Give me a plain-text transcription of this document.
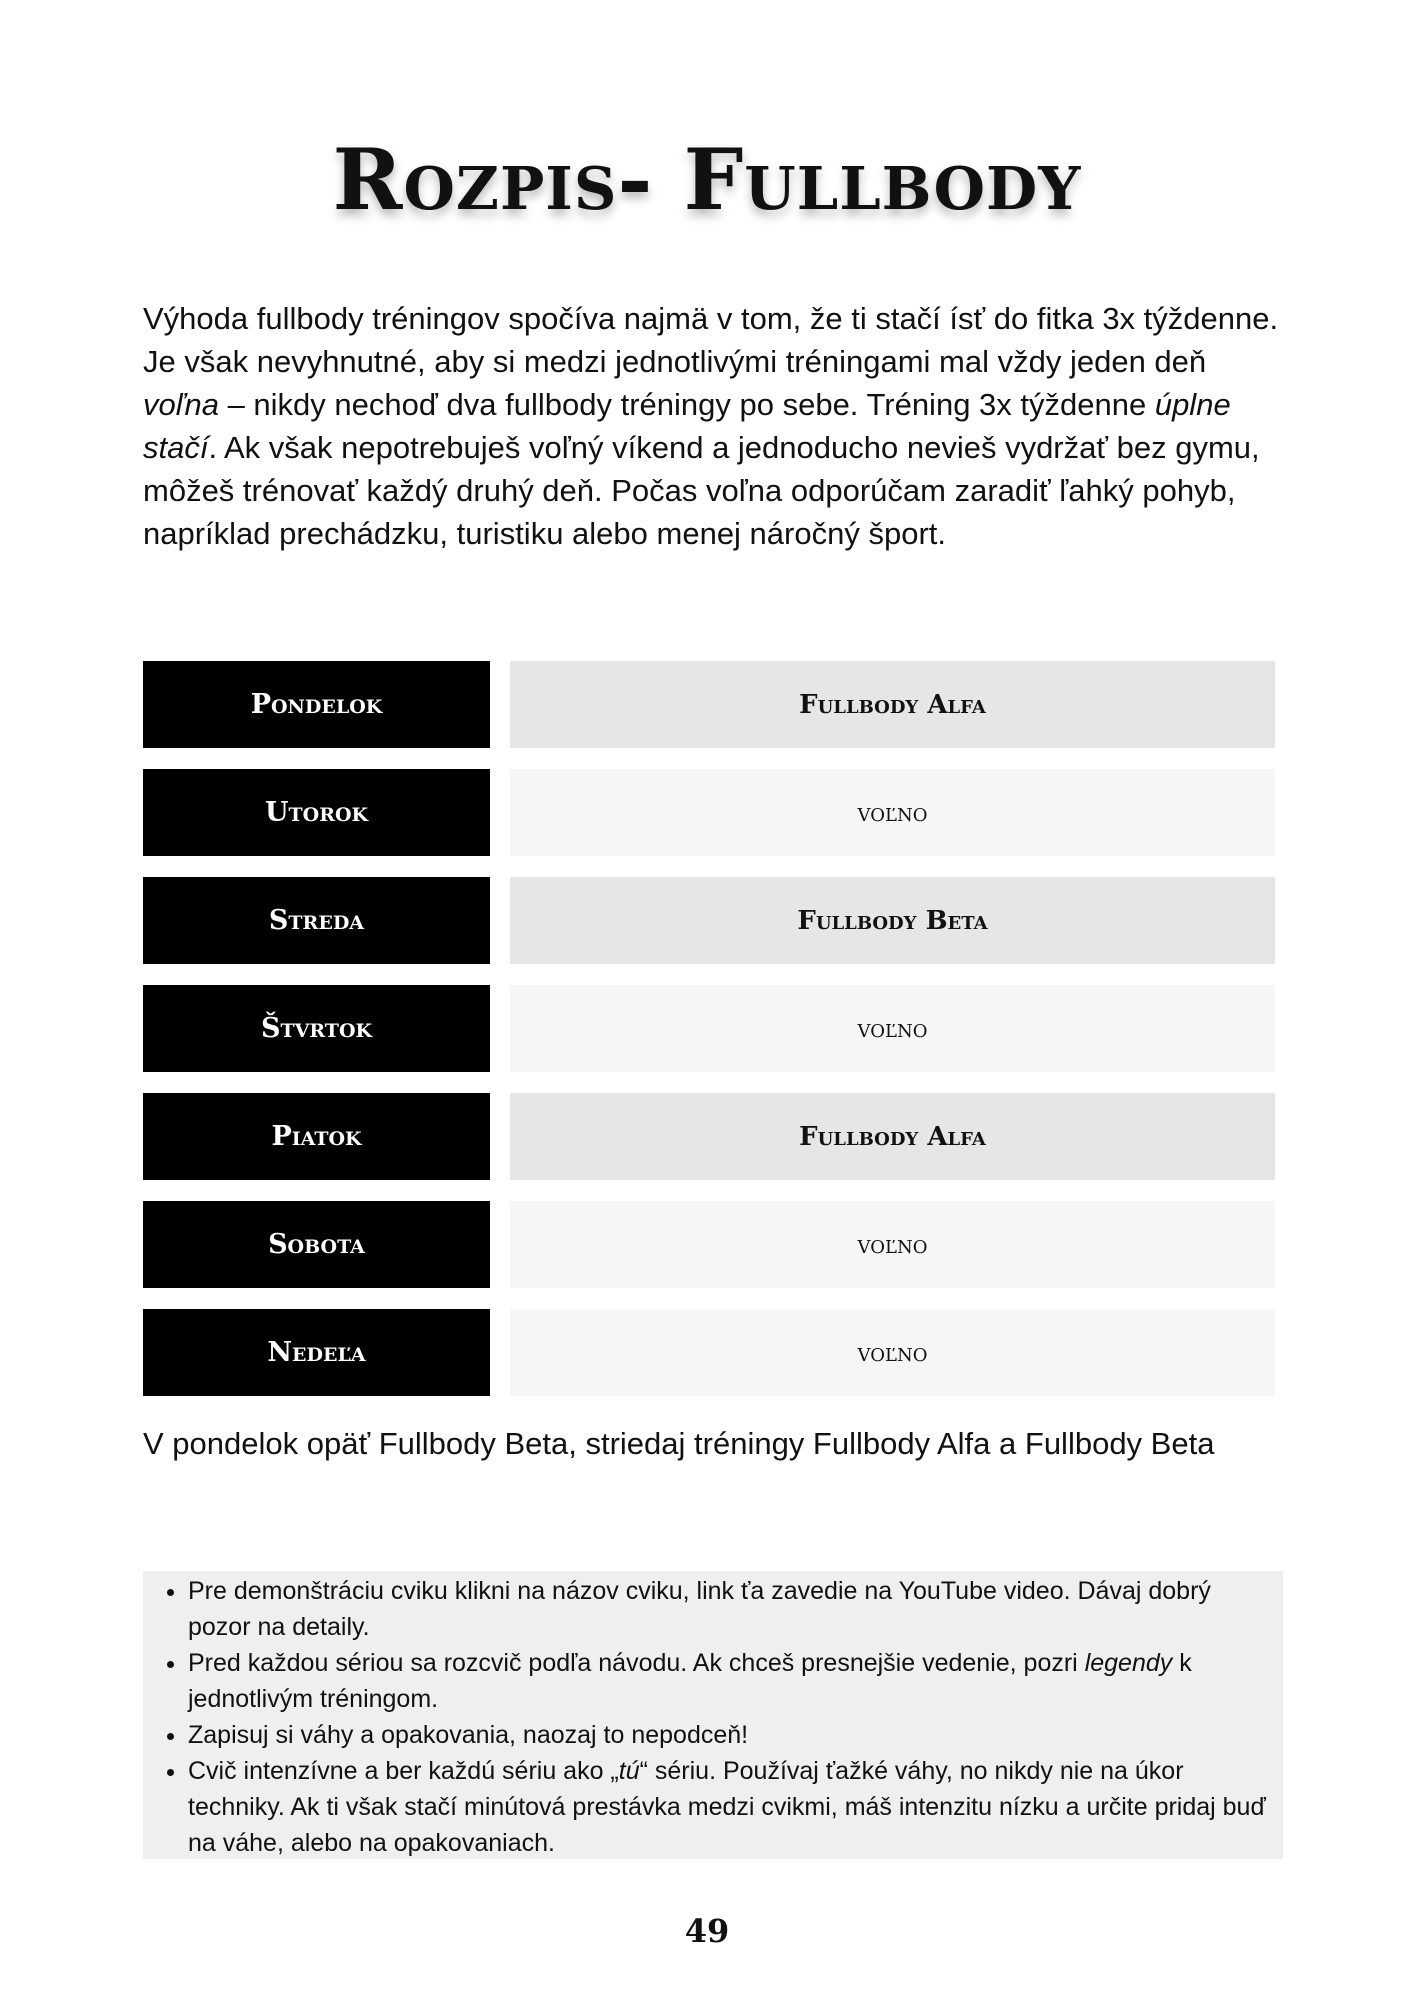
Rozpis- Fullbody

Výhoda fullbody tréningov spočíva najmä v tom, že ti stačí ísť do fitka 3x týždenne. Je však nevyhnutné, aby si medzi jednotlivými tréningami mal vždy jeden deň voľna – nikdy nechoď dva fullbody tréningy po sebe. Tréning 3x týždenne úplne stačí. Ak však nepotrebuješ voľný víkend a jednoducho nevieš vydržať bez gymu, môžeš trénovať každý druhý deň. Počas voľna odporúčam zaradiť ľahký pohyb, napríklad prechádzku, turistiku alebo menej náročný šport.

Pondelok	Fullbody Alfa
Utorok	voľno
Streda	Fullbody Beta
Štvrtok	voľno
Piatok	Fullbody Alfa
Sobota	voľno
Nedeľa	voľno

V pondelok opäť Fullbody Beta, striedaj tréningy Fullbody Alfa a Fullbody Beta

• Pre demonštráciu cviku klikni na názov cviku, link ťa zavedie na YouTube video. Dávaj dobrý pozor na detaily.
• Pred každou sériou sa rozcvič podľa návodu. Ak chceš presnejšie vedenie, pozri legendy k jednotlivým tréningom.
• Zapisuj si váhy a opakovania, naozaj to nepodceň!
• Cvič intenzívne a ber každú sériu ako „tú“ sériu. Používaj ťažké váhy, no nikdy nie na úkor techniky. Ak ti však stačí minútová prestávka medzi cvikmi, máš intenzitu nízku a určite pridaj buď na váhe, alebo na opakovaniach.
49
